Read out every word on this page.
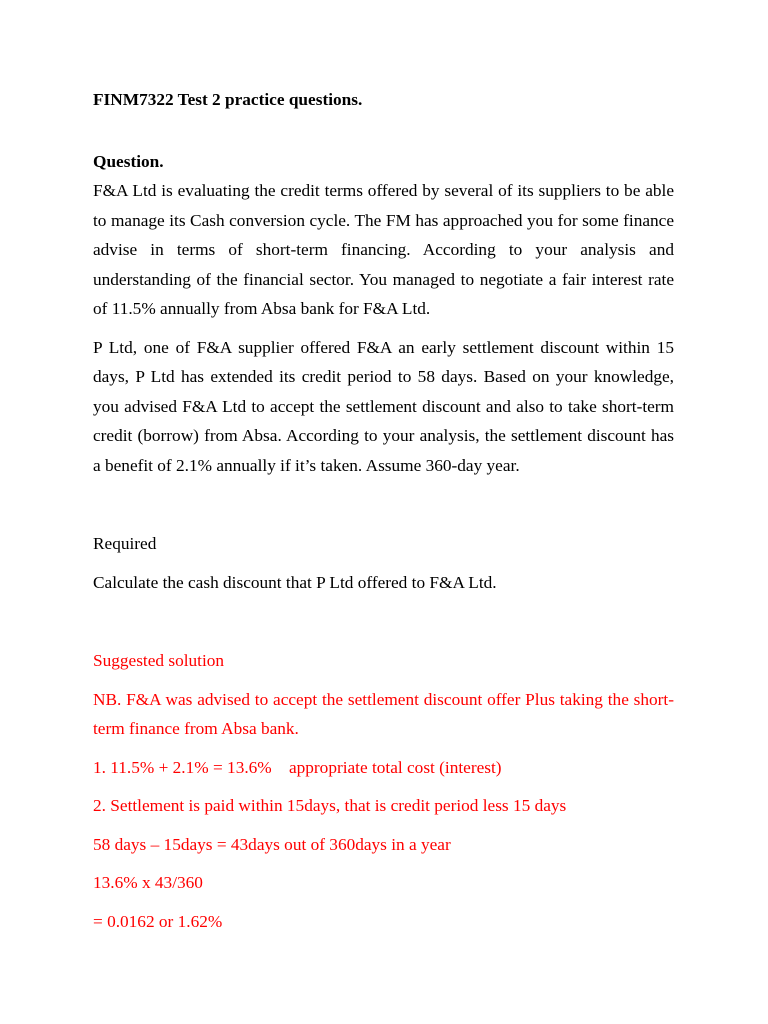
FINM7322 Test 2 practice questions.

Question.

F&A Ltd is evaluating the credit terms offered by several of its suppliers to be able to manage its Cash conversion cycle. The FM has approached you for some finance advise in terms of short-term financing. According to your analysis and understanding of the financial sector. You managed to negotiate a fair interest rate of 11.5% annually from Absa bank for F&A Ltd.

P Ltd, one of F&A supplier offered F&A an early settlement discount within 15 days, P Ltd has extended its credit period to 58 days. Based on your knowledge, you advised F&A Ltd to accept the settlement discount and also to take short-term credit (borrow) from Absa. According to your analysis, the settlement discount has a benefit of 2.1% annually if it’s taken. Assume 360-day year.

Required

Calculate the cash discount that P Ltd offered to F&A Ltd.

Suggested solution

NB. F&A was advised to accept the settlement discount offer Plus taking the short-term finance from Absa bank.

1. 11.5% + 2.1% = 13.6%    appropriate total cost (interest)

2. Settlement is paid within 15days, that is credit period less 15 days

58 days – 15days = 43days out of 360days in a year

13.6% x 43/360

= 0.0162 or 1.62%
